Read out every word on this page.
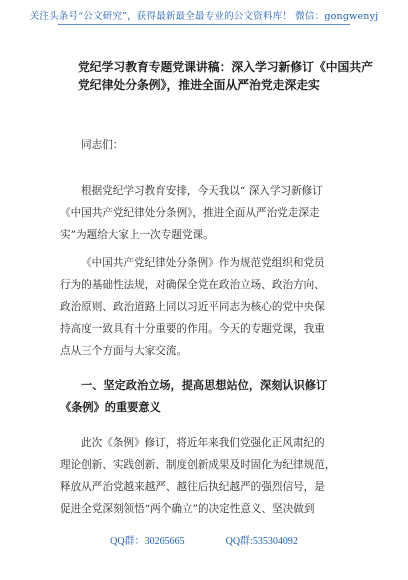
关注头条号“公文研究”，获得最新最全最专业的公文资料库！ 微信：gongwenyj
党纪学习教育专题党课讲稿：深入学习新修订《中国共产
党纪律处分条例》，推进全面从严治党走深走实
同志们：
根据党纪学习教育安排，今天我以“ 深入学习新修订
《中国共产党纪律处分条例》，推进全面从严治党走深走
实”为题给大家上一次专题党课。
《中国共产党纪律处分条例》作为规范党组织和党员
行为的基础性法规，对确保全党在政治立场、政治方向、
政治原则、政治道路上同以习近平同志为核心的党中央保
持高度一致具有十分重要的作用。今天的专题党课，我重
点从三个方面与大家交流。
一、坚定政治立场，提高思想站位，深刻认识修订
《条例》的重要意义
此次《条例》修订，将近年来我们党强化正风肃纪的
理论创新、实践创新、制度创新成果及时固化为纪律规范，
释放从严治党越来越严、越往后执纪越严的强烈信号，是
促进全党深刻领悟“两个确立”的决定性意义、坚决做到
QQ群：30265665	QQ群:535304092
